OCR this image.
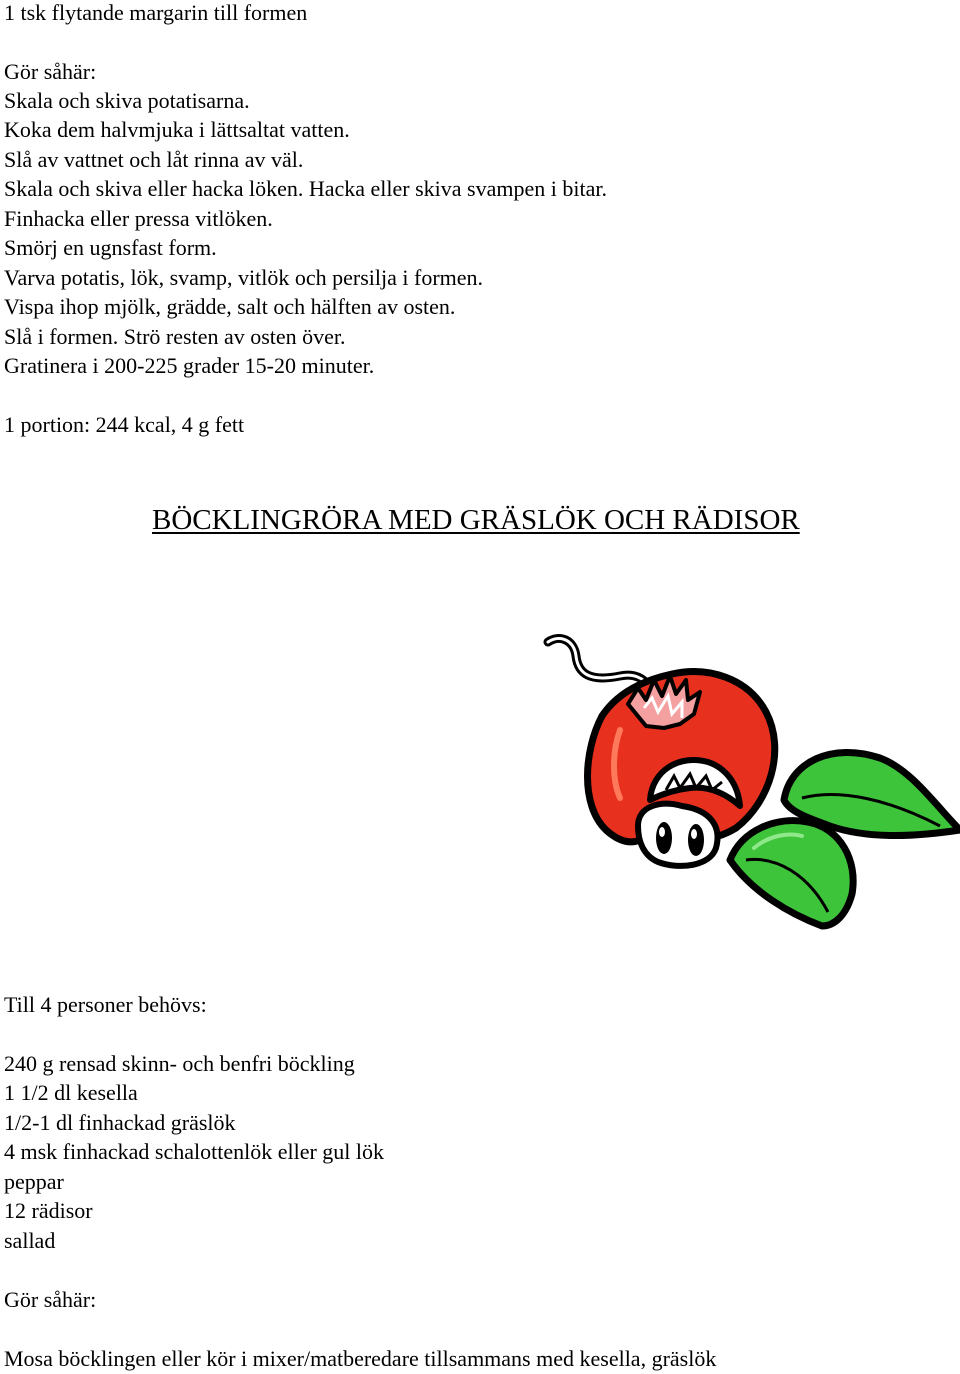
1 tsk flytande margarin till formen

Gör såhär:

Skala och skiva potatisarna.

Koka dem halvmjuka i lättsaltat vatten.

Slå av vattnet och låt rinna av väl.

Skala och skiva eller hacka löken. Hacka eller skiva svampen i bitar.

Finhacka eller pressa vitlöken.

Smörj en ugnsfast form.

Varva potatis, lök, svamp, vitlök och persilja i formen.

Vispa ihop mjölk, grädde, salt och hälften av osten.

Slå i formen. Strö resten av osten över.

Gratinera i 200-225 grader 15-20 minuter.

1 portion: 244 kcal, 4 g fett

BÖCKLINGRÖRA MED GRÄSLÖK OCH RÄDISOR

Till 4 personer behövs:

240 g rensad skinn- och benfri böckling

1 1/2 dl kesella

1/2-1 dl finhackad gräslök

4 msk finhackad schalottenlök eller gul lök

peppar

12 rädisor

sallad

Gör såhär:

Mosa böcklingen eller kör i mixer/matberedare tillsammans med kesella, gräslök
